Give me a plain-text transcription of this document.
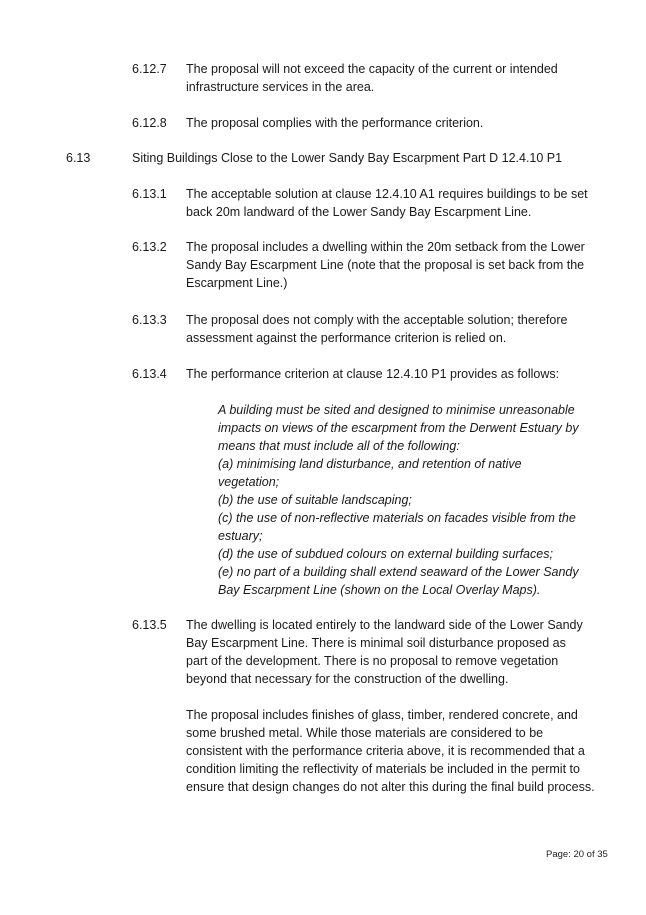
6.12.7 The proposal will not exceed the capacity of the current or intended
infrastructure services in the area.
6.12.8 The proposal complies with the performance criterion.
6.13	Siting Buildings Close to the Lower Sandy Bay Escarpment Part D 12.4.10 P1
6.13.1 The acceptable solution at clause 12.4.10 A1 requires buildings to be set
back 20m landward of the Lower Sandy Bay Escarpment Line.
6.13.2 The proposal includes a dwelling within the 20m setback from the Lower
Sandy Bay Escarpment Line (note that the proposal is set back from the
Escarpment Line.)
6.13.3 The proposal does not comply with the acceptable solution; therefore
assessment against the performance criterion is relied on.
6.13.4 The performance criterion at clause 12.4.10 P1 provides as follows:
A building must be sited and designed to minimise unreasonable
impacts on views of the escarpment from the Derwent Estuary by
means that must include all of the following:
(a) minimising land disturbance, and retention of native
vegetation;
(b) the use of suitable landscaping;
(c) the use of non-reflective materials on facades visible from the
estuary;
(d) the use of subdued colours on external building surfaces;
(e) no part of a building shall extend seaward of the Lower Sandy
Bay Escarpment Line (shown on the Local Overlay Maps).
6.13.5 The dwelling is located entirely to the landward side of the Lower Sandy
Bay Escarpment Line. There is minimal soil disturbance proposed as
part of the development. There is no proposal to remove vegetation
beyond that necessary for the construction of the dwelling.
The proposal includes finishes of glass, timber, rendered concrete, and
some brushed metal. While those materials are considered to be
consistent with the performance criteria above, it is recommended that a
condition limiting the reflectivity of materials be included in the permit to
ensure that design changes do not alter this during the final build process.
Page: 20 of 35
